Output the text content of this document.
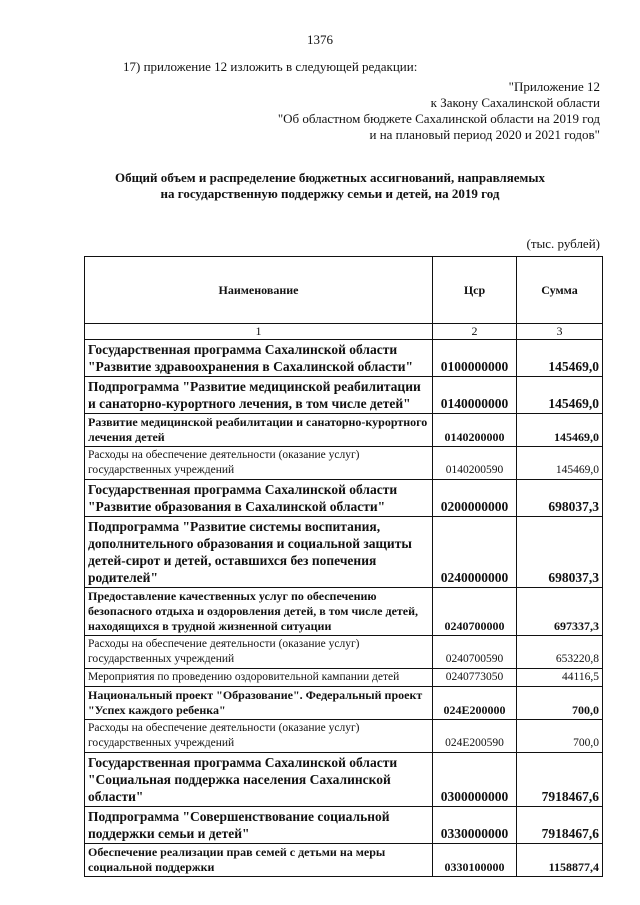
1376
17) приложение 12 изложить в следующей редакции:
"Приложение 12
к Закону Сахалинской области
"Об областном бюджете Сахалинской области на 2019 год
и на плановый период 2020 и 2021 годов"
Общий объем и распределение бюджетных ассигнований, направляемых
на государственную поддержку семьи и детей, на 2019 год
(тыс. рублей)
Наименование	Цср	Сумма
1	2	3
Государственная программа Сахалинской области "Развитие здравоохранения в Сахалинской области"	0100000000	145469,0
Подпрограмма "Развитие медицинской реабилитации и санаторно-курортного лечения, в том числе детей"	0140000000	145469,0
Развитие медицинской реабилитации и санаторно-курортного лечения детей	0140200000	145469,0
Расходы на обеспечение деятельности (оказание услуг) государственных учреждений	0140200590	145469,0
Государственная программа Сахалинской области "Развитие образования в Сахалинской области"	0200000000	698037,3
Подпрограмма "Развитие системы воспитания, дополнительного образования и социальной защиты детей-сирот и детей, оставшихся без попечения родителей"	0240000000	698037,3
Предоставление качественных услуг по обеспечению безопасного отдыха и оздоровления детей, в том числе детей, находящихся в трудной жизненной ситуации	0240700000	697337,3
Расходы на обеспечение деятельности (оказание услуг) государственных учреждений	0240700590	653220,8
Мероприятия по проведению оздоровительной кампании детей	0240773050	44116,5
Национальный проект "Образование". Федеральный проект "Успех каждого ребенка"	024E200000	700,0
Расходы на обеспечение деятельности (оказание услуг) государственных учреждений	024E200590	700,0
Государственная программа Сахалинской области "Социальная поддержка населения Сахалинской области"	0300000000	7918467,6
Подпрограмма "Совершенствование социальной поддержки семьи и детей"	0330000000	7918467,6
Обеспечение реализации прав семей с детьми на меры социальной поддержки	0330100000	1158877,4
